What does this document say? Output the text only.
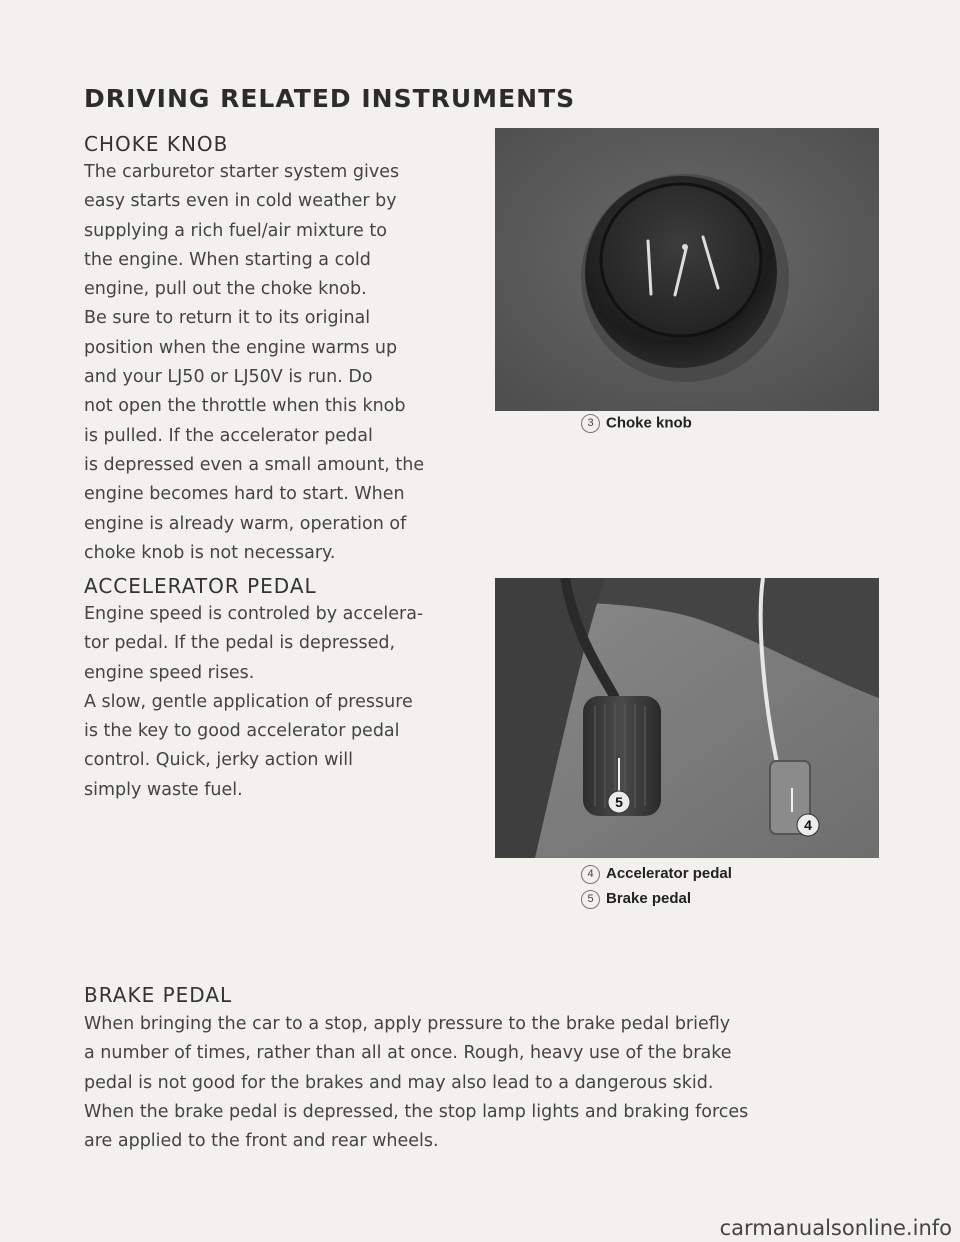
DRIVING RELATED INSTRUMENTS
CHOKE KNOB

The carburetor starter system gives

easy starts even in cold weather by

supplying a rich fuel/air mixture to

the engine. When starting a cold

engine, pull out the choke knob.

Be sure to return it to its original

position when the engine warms up

and your LJ50 or LJ50V is run. Do

not open the throttle when this knob

is pulled. If the accelerator pedal

is depressed even a small amount, the

engine becomes hard to start. When

engine is already warm, operation of

choke knob is not necessary.

3 Choke knob
ACCELERATOR PEDAL

Engine speed is controled by accelera-

tor pedal. If the pedal is depressed,

engine speed rises.

A slow, gentle application of pressure

is the key to good accelerator pedal

control. Quick, jerky action will

simply waste fuel.

5
4
4 Accelerator pedal
5 Brake pedal
BRAKE PEDAL

When bringing the car to a stop, apply pressure to the brake pedal briefly

a number of times, rather than all at once. Rough, heavy use of the brake

pedal is not good for the brakes and may also lead to a dangerous skid.

When the brake pedal is depressed, the stop lamp lights and braking forces

are applied to the front and rear wheels.

carmanualsonline.info
